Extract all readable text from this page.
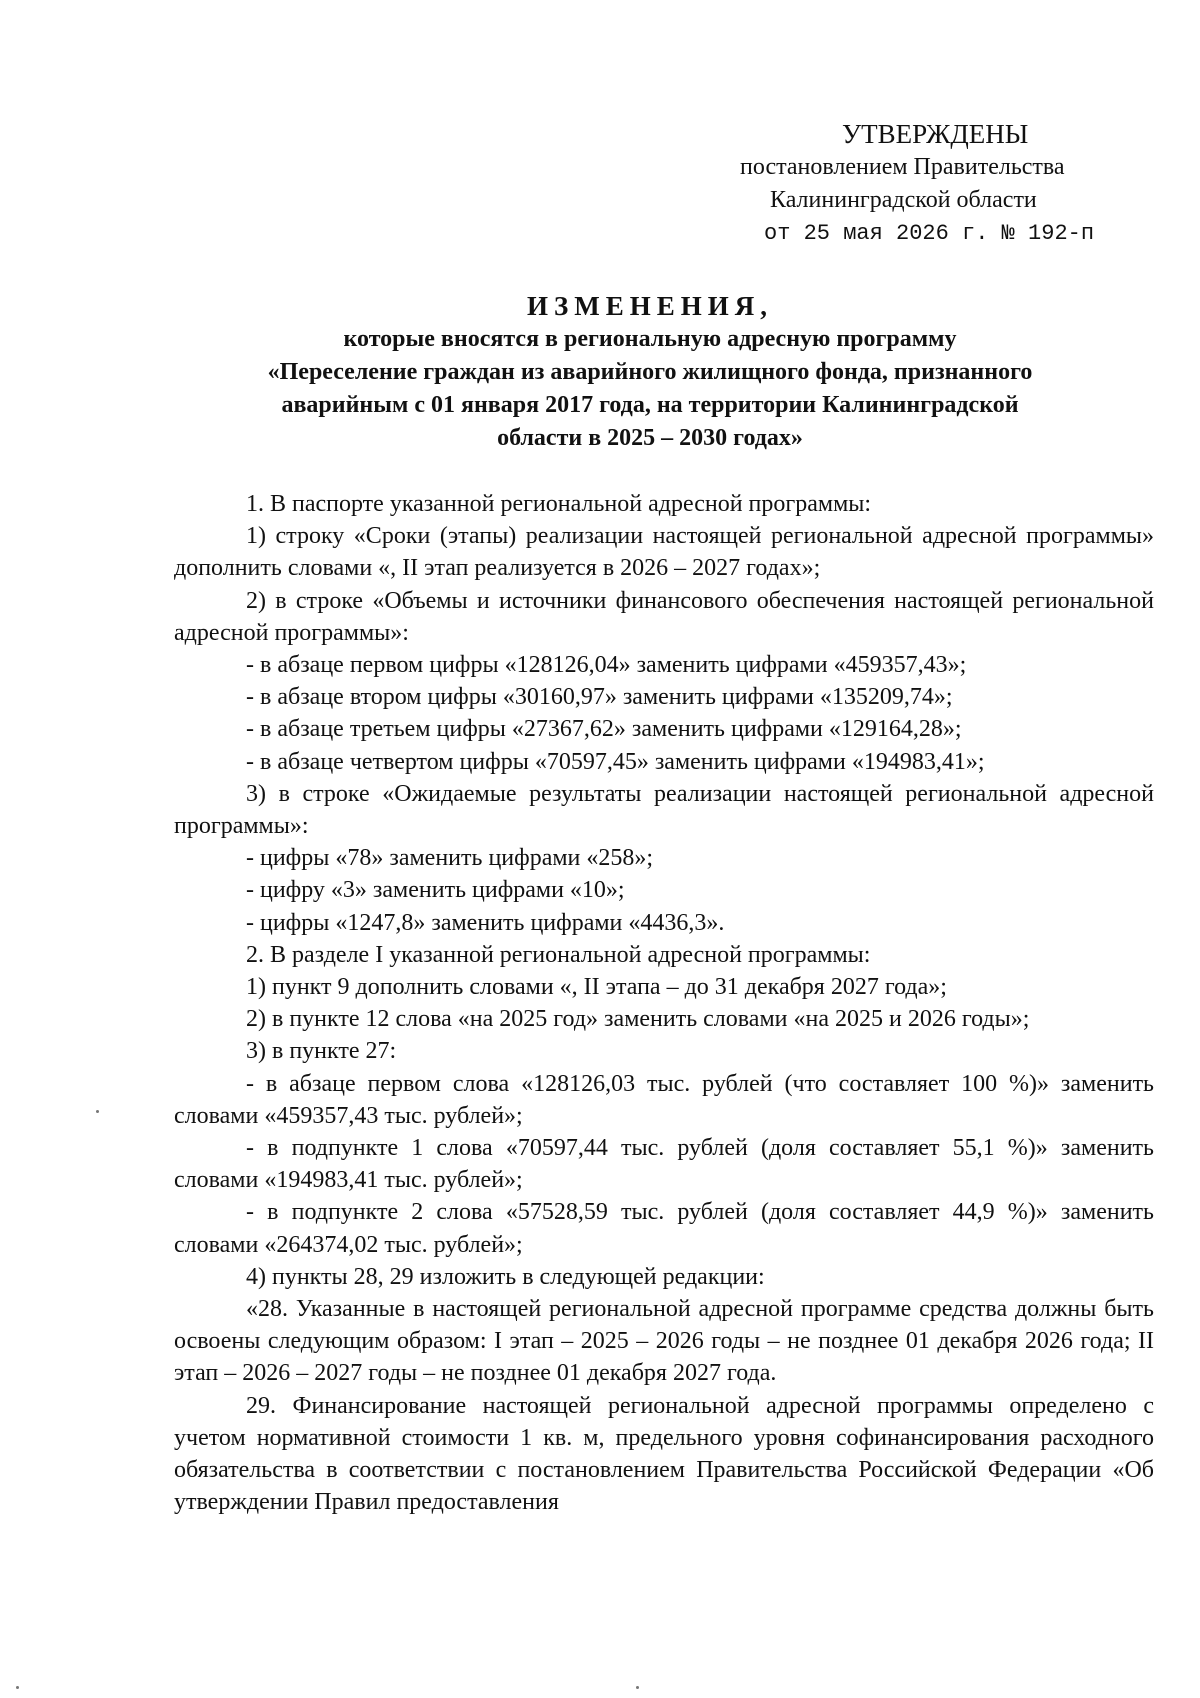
УТВЕРЖДЕНЫ
постановлением Правительства
Калининградской области
от 25 мая 2026 г. № 192-п
ИЗМЕНЕНИЯ,
которые вносятся в региональную адресную программу
«Переселение граждан из аварийного жилищного фонда, признанного
аварийным с 01 января 2017 года, на территории Калининградской
области в 2025 – 2030 годах»

1. В паспорте указанной региональной адресной программы:

1) строку «Сроки (этапы) реализации настоящей региональной адресной программы» дополнить словами «, II этап реализуется в 2026 – 2027 годах»;

2) в строке «Объемы и источники финансового обеспечения настоящей региональной адресной программы»:

- в абзаце первом цифры «128126,04» заменить цифрами «459357,43»;

- в абзаце втором цифры «30160,97» заменить цифрами «135209,74»;

- в абзаце третьем цифры «27367,62» заменить цифрами «129164,28»;

- в абзаце четвертом цифры «70597,45» заменить цифрами «194983,41»;

3) в строке «Ожидаемые результаты реализации настоящей региональной адресной программы»:

- цифры «78» заменить цифрами «258»;

- цифру «3» заменить цифрами «10»;

- цифры «1247,8» заменить цифрами «4436,3».

2. В разделе I указанной региональной адресной программы:

1) пункт 9 дополнить словами «, II этапа – до 31 декабря 2027 года»;

2) в пункте 12 слова «на 2025 год» заменить словами «на 2025 и 2026 годы»;

3) в пункте 27:

- в абзаце первом слова «128126,03 тыс. рублей (что составляет 100 %)» заменить словами «459357,43 тыс. рублей»;

- в подпункте 1 слова «70597,44 тыс. рублей (доля составляет 55,1 %)» заменить словами «194983,41 тыс. рублей»;

- в подпункте 2 слова «57528,59 тыс. рублей (доля составляет 44,9 %)» заменить словами «264374,02 тыс. рублей»;

4) пункты 28, 29 изложить в следующей редакции:

«28. Указанные в настоящей региональной адресной программе средства должны быть освоены следующим образом: I этап – 2025 – 2026 годы – не позднее 01 декабря 2026 года; II этап – 2026 – 2027 годы – не позднее 01 декабря 2027 года.

29. Финансирование настоящей региональной адресной программы определено с учетом нормативной стоимости 1 кв. м, предельного уровня софинансирования расходного обязательства в соответствии с постановлением Правительства Российской Федерации «Об утверждении Правил предоставления
